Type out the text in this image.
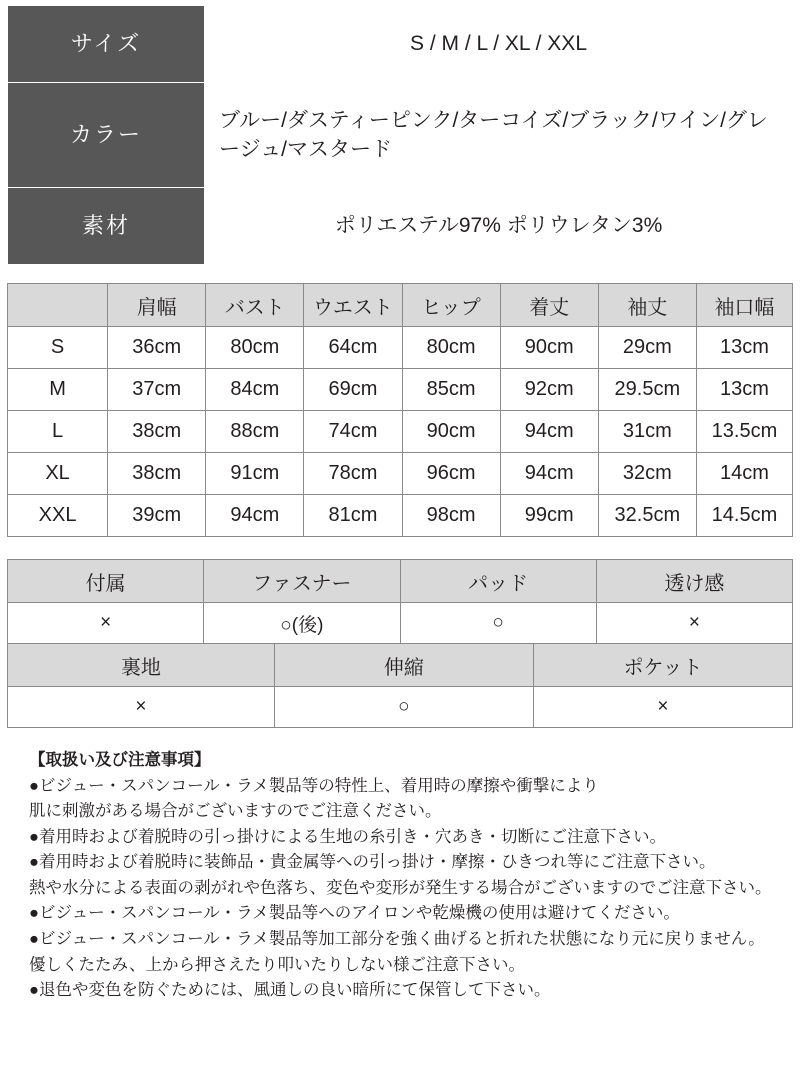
サイズ	S / M / L / XL / XXL
カラー	ブルー/ダスティーピンク/ターコイズ/ブラック/ワイン/グレージュ/マスタード
素材	ポリエステル97% ポリウレタン3%
	肩幅	バスト	ウエスト	ヒップ	着丈	袖丈	袖口幅
S	36cm	80cm	64cm	80cm	90cm	29cm	13cm
M	37cm	84cm	69cm	85cm	92cm	29.5cm	13cm
L	38cm	88cm	74cm	90cm	94cm	31cm	13.5cm
XL	38cm	91cm	78cm	96cm	94cm	32cm	14cm
XXL	39cm	94cm	81cm	98cm	99cm	32.5cm	14.5cm
付属	ファスナー	パッド	透け感
×	○(後)	○	×
裏地	伸縮	ポケット
×	○	×
【取扱い及び注意事項】
●ビジュー・スパンコール・ラメ製品等の特性上、着用時の摩擦や衝撃により
肌に刺激がある場合がございますのでご注意ください。
●着用時および着脱時の引っ掛けによる生地の糸引き・穴あき・切断にご注意下さい。
●着用時および着脱時に装飾品・貴金属等への引っ掛け・摩擦・ひきつれ等にご注意下さい。
熱や水分による表面の剥がれや色落ち、変色や変形が発生する場合がございますのでご注意下さい。
●ビジュー・スパンコール・ラメ製品等へのアイロンや乾燥機の使用は避けてください。
●ビジュー・スパンコール・ラメ製品等加工部分を強く曲げると折れた状態になり元に戻りません。
優しくたたみ、上から押さえたり叩いたりしない様ご注意下さい。
●退色や変色を防ぐためには、風通しの良い暗所にて保管して下さい。
